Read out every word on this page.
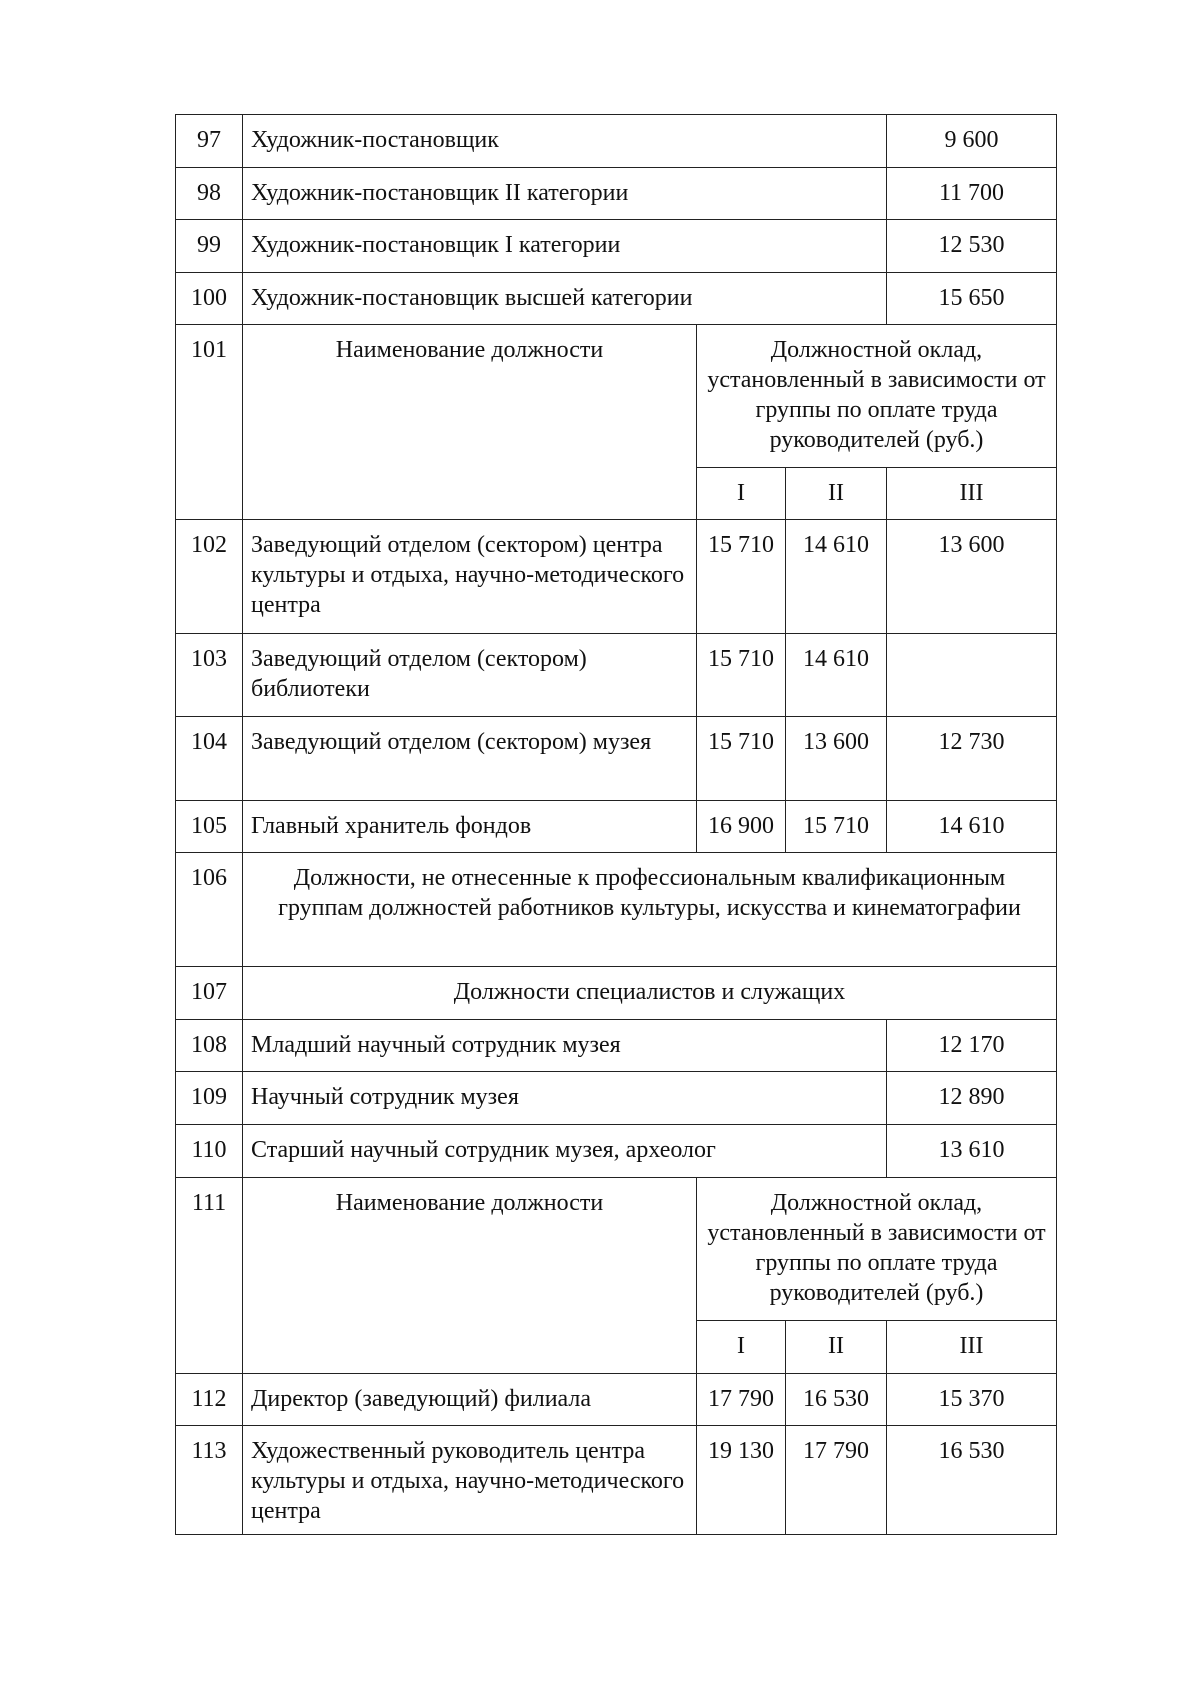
97	Художник-постановщик			9 600
98	Художник-постановщик II категории			11 700
99	Художник-постановщик I категории			12 530
100	Художник-постановщик высшей категории			15 650
101	Наименование должности	Должностной оклад, установленный в зависимости от группы по оплате труда руководителей (руб.)		
		I	II	III
102	Заведующий отделом (сектором) центра культуры и отдыха, научно-методического центра	15 710	14 610	13 600
103	Заведующий отделом (сектором) библиотеки	15 710	14 610	
104	Заведующий отделом (сектором) музея	15 710	13 600	12 730
105	Главный хранитель фондов	16 900	15 710	14 610
106	Должности, не отнесенные к профессиональным квалификационным группам должностей работников культуры, искусства и кинематографии			
107	Должности специалистов и служащих			
108	Младший научный сотрудник музея			12 170
109	Научный сотрудник музея			12 890
110	Старший научный сотрудник музея, археолог			13 610
111	Наименование должности	Должностной оклад, установленный в зависимости от группы по оплате труда руководителей (руб.)		
		I	II	III
112	Директор (заведующий) филиала	17 790	16 530	15 370
113	Художественный руководитель центра культуры и отдыха, научно-методического центра	19 130	17 790	16 530
